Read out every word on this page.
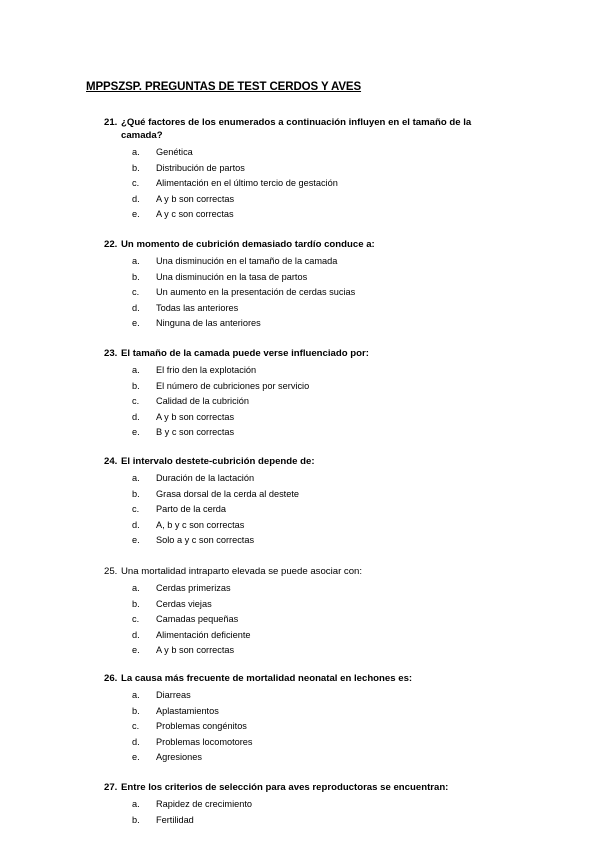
MPPSZSP. PREGUNTAS DE TEST CERDOS Y AVES
21. ¿Qué factores de los enumerados a continuación influyen en el tamaño de la camada?
a.	Genética
b.	Distribución de partos
c.	Alimentación en el último tercio de gestación
d.	A y b son correctas
e.	A y c son correctas
22. Un momento de cubrición demasiado tardío conduce a:
a.	Una disminución en el tamaño de la camada
b.	Una disminución en la tasa de partos
c.	Un aumento en la presentación de cerdas sucias
d.	Todas las anteriores
e.	Ninguna de las anteriores
23. El tamaño de la camada puede verse influenciado por:
a.	El frio den la explotación
b.	El número de cubriciones por servicio
c.	Calidad de la cubrición
d.	A y b son correctas
e.	B y c son correctas
24. El intervalo destete-cubrición depende de:
a.	Duración de la lactación
b.	Grasa dorsal de la cerda al destete
c.	Parto de la cerda
d.	A, b y c son correctas
e.	Solo a y c son correctas
25. Una mortalidad intraparto elevada se puede asociar con:
a.	Cerdas primerizas
b.	Cerdas viejas
c.	Camadas pequeñas
d.	Alimentación deficiente
e.	A y b son correctas
26. La causa más frecuente de mortalidad neonatal en lechones es:
a.	Diarreas
b.	Aplastamientos
c.	Problemas congénitos
d.	Problemas locomotores
e.	Agresiones
27. Entre los criterios de selección para aves reproductoras se encuentran:
a.	Rapidez de crecimiento
b.	Fertilidad
